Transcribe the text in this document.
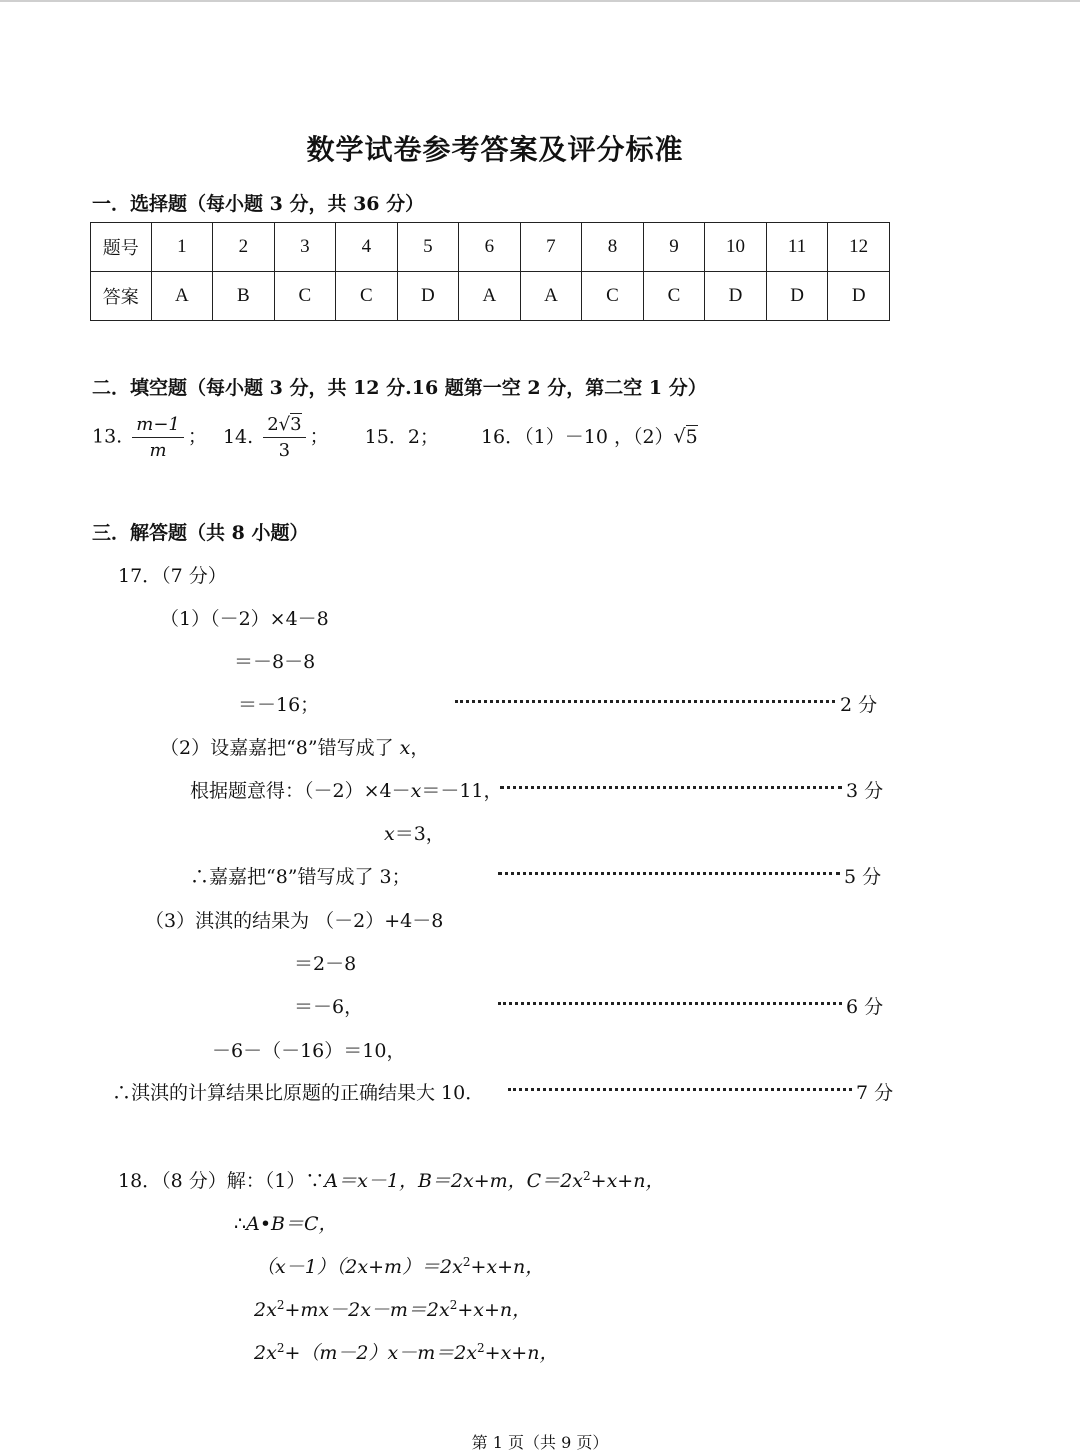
数学试卷参考答案及评分标准
一．选择题（每小题 3 分，共 36 分）
题号	1	2	3	4	5	6	7	8	9	10	11	12
答案	A	B	C	C	D	A	A	C	C	D	D	D
二．填空题（每小题 3 分，共 12 分.16 题第一空 2 分，第二空 1 分）
13. $\frac{m-1}{m}$ ； 14. $\frac{2√3}{3}$ ； 15．2； 16．（1）－10 ，（2）√5
三．解答题（共 8 小题）
17．（7 分）
（1）（－2）×4－8
＝－8－8
＝－16；	2 分
（2）设嘉嘉把“8”错写成了 x，
根据题意得：（－2）×4－x＝－11，	3 分
x＝3，
∴嘉嘉把“8”错写成了 3；	5 分
（3）淇淇的结果为 （－2）+4－8
＝2－8
＝－6，	6 分
－6－（－16）＝10，
∴淇淇的计算结果比原题的正确结果大 10．	7 分
18．（8 分）解：（1）∵A＝x－1，B＝2x+m，$C=2x^2+x+n$，
∴A•B＝C，
$(x-1)(2x+m)=2x^2+x+n$，
$2x^2+mx-2x-m=2x^2+x+n$，
$2x^2+(m-2)x-m=2x^2+x+n$，
第 1 页（共 9 页）
